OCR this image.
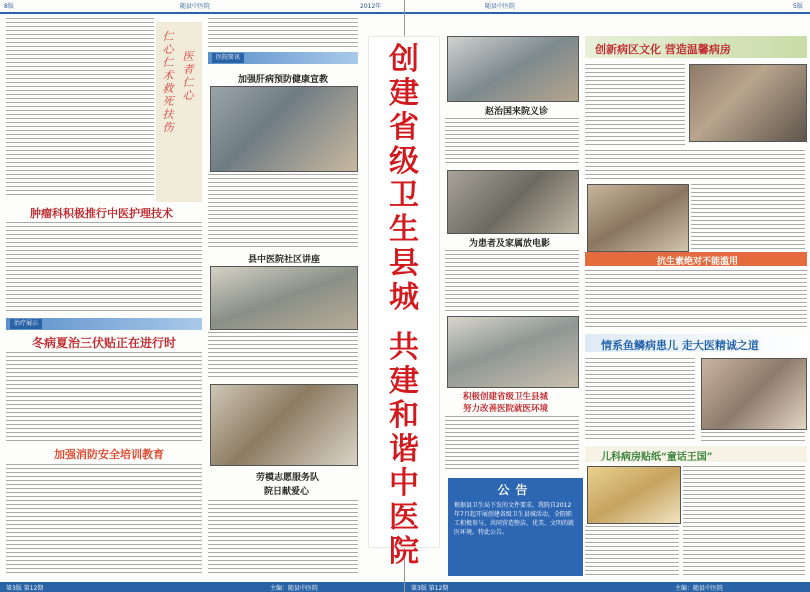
8版	随县中医院	2012年
仁
心
仁
术
救
死
扶
伤
医
者
仁
心
肿瘤科积极推行中医护理技术
治疗展示
冬病夏治三伏贴正在进行时
加强消防安全培训教育
医院简讯
加强肝病预防健康宣教
县中医院社区讲座
劳模志愿服务队
院日献爱心
第3版 第12期	主编：随县中医院
随县中医院	5版
赵治国来院义诊
为患者及家属放电影
积极创建省级卫生县城
努力改善医院就医环境
公告
根据县卫生局下发的文件要求，我院自2012年7月起开展创建省级卫生县城活动，全院职工积极参与，共同营造整洁、优美、文明的就医环境。特此公告。
创新病区文化 营造温馨病房
抗生素绝对不能滥用
情系鱼鳞病患儿 走大医精诚之道
儿科病房贴纸“童话王国”
第3版 第12期	主编：随县中医院
创
建
省
级
卫
生
县
城
共
建
和
谐
中
医
院
